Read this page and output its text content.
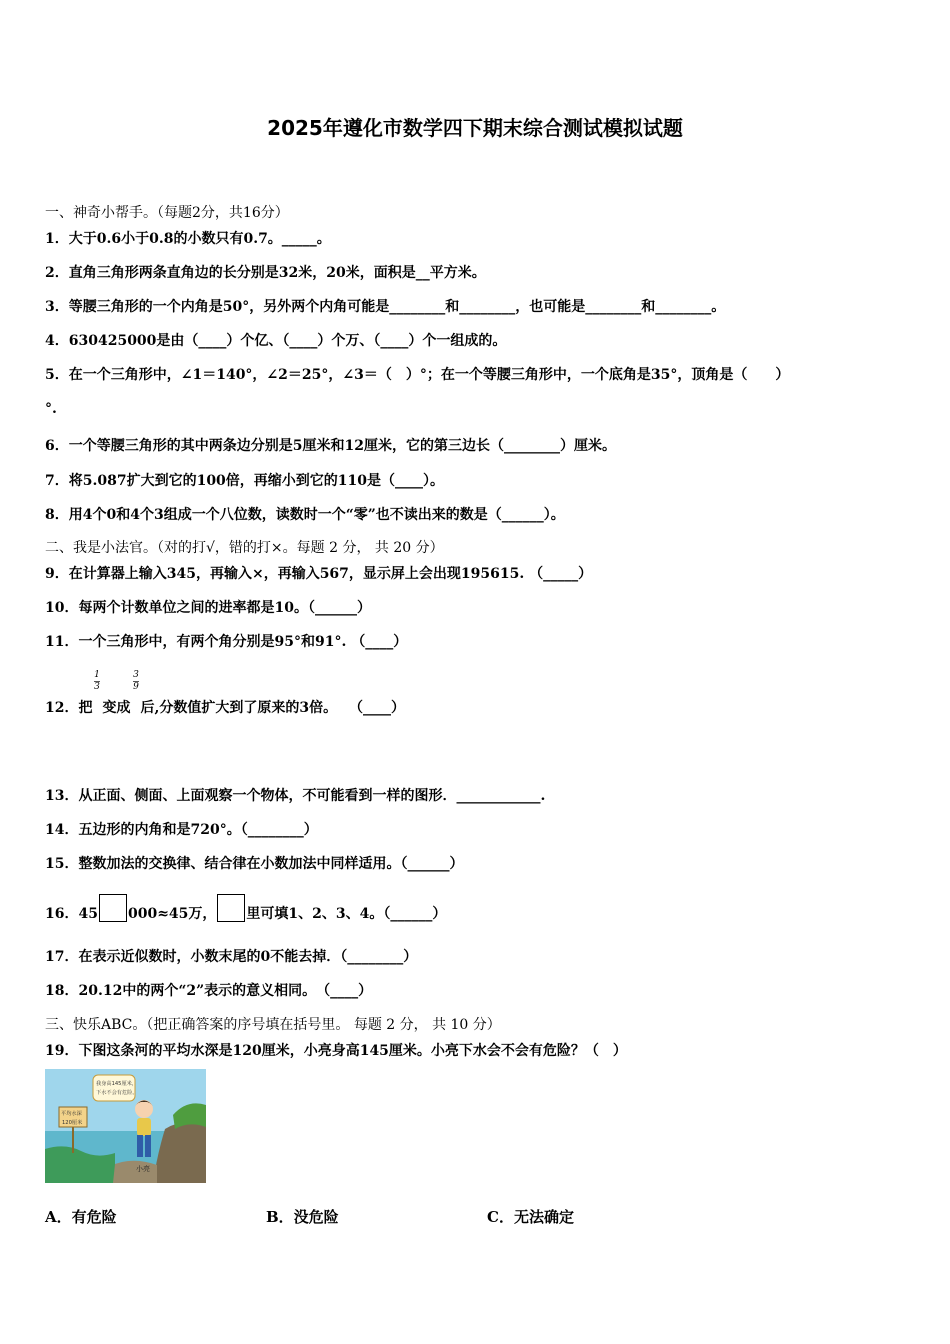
2025年遵化市数学四下期末综合测试模拟试题
一、神奇小帮手。（每题2分，共16分）
1．大于0.6小于0.8的小数只有0.7。_____。
2．直角三角形两条直角边的长分别是32米，20米，面积是__平方米。
3．等腰三角形的一个内角是50°，另外两个内角可能是________和________，也可能是________和________。
4．630425000是由（____）个亿、（____）个万、（____）个一组成的。
5．在一个三角形中，∠1＝140°，∠2＝25°，∠3＝（　）°；在一个等腰三角形中，一个底角是35°，顶角是（　　）
°.
6．一个等腰三角形的其中两条边分别是5厘米和12厘米，它的第三边长（________）厘米。
7．将5.087扩大到它的100倍，再缩小到它的110是（____）。
8．用4个0和4个3组成一个八位数，读数时一个“零”也不读出来的数是（______）。
二、我是小法官。（对的打√，错的打×。每题 2 分， 共 20 分）
9．在计算器上输入345，再输入×，再输入567，显示屏上会出现195615. （_____）
10．每两个计数单位之间的进率都是10。（______）
11．一个三角形中，有两个角分别是95°和91°. （____）
1
3
3
9
12．把 变成 后,分数值扩大到了原来的3倍。　 （____）
13．从正面、侧面、上面观察一个物体，不可能看到一样的图形．____________.
14．五边形的内角和是720°。（________）
15．整数加法的交换律、结合律在小数加法中同样适用。（______）
16．45 000≈45万， 里可填1、2、3、4。（______）
17．在表示近似数时，小数末尾的0不能去掉．（________）
18．20.12中的两个“2”表示的意义相同。　（____）
三、快乐ABC。（把正确答案的序号填在括号里。 每题 2 分， 共 10 分）
19．下图这条河的平均水深是120厘米，小亮身高145厘米。小亮下水会不会有危险？（　）
我身高145厘米，
下水不会有危险。
平均水深
120厘米
小亮
A．有危险	B．没危险	C．无法确定
